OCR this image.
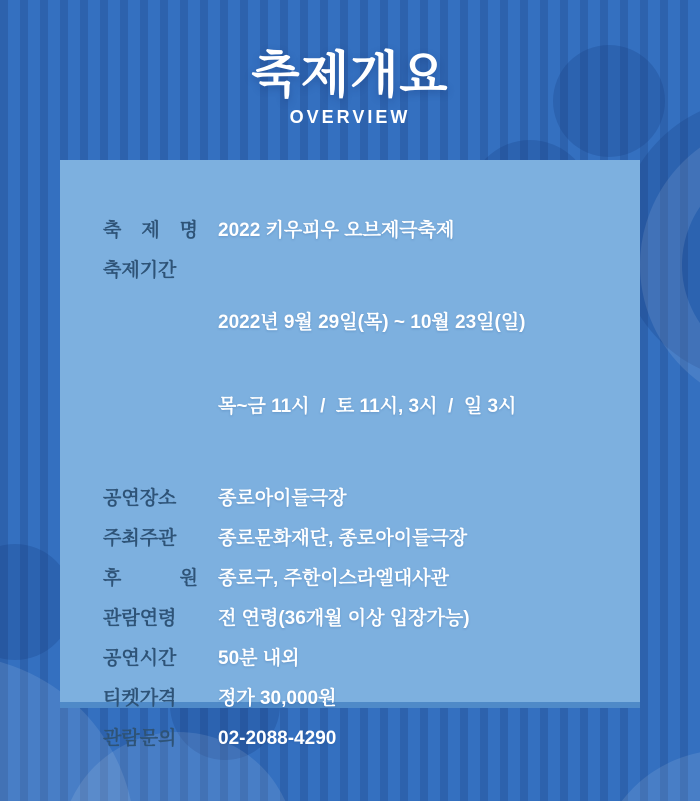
축제개요
OVERVIEW
축 제 명 2022 키우피우 오브제극축제
축제기간

2022년 9월 29일(목) ~ 10월 23일(일)

목~금 11시  /  토 11시, 3시  /  일 3시

공연장소	종로아이들극장
주최주관	종로문화재단, 종로아이들극장
후 원 종로구, 주한이스라엘대사관
관람연령	전 연령(36개월 이상 입장가능)
공연시간	50분 내외
티켓가격	정가 30,000원
관람문의	02-2088-4290
